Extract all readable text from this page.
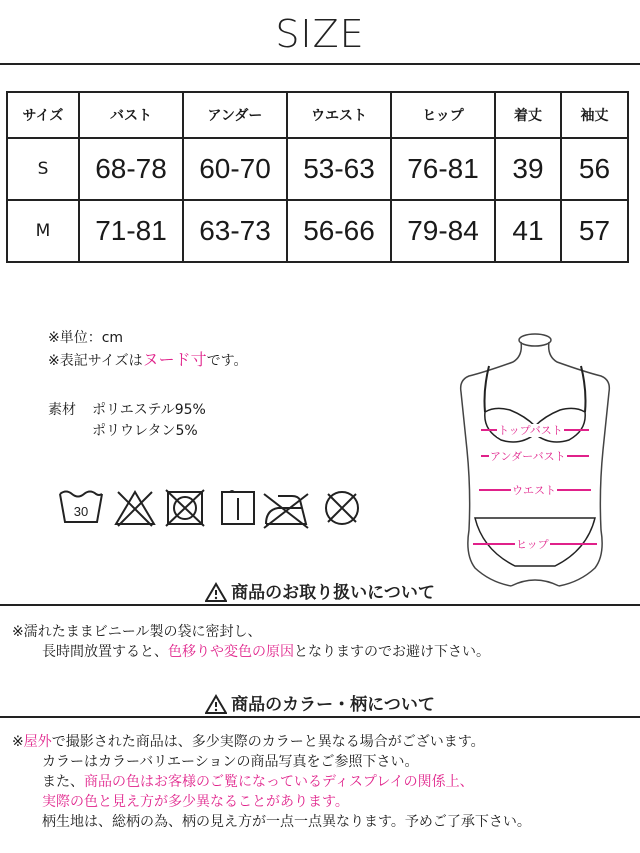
SIZE
サイズ	バスト	アンダー	ウエスト	ヒップ	着丈	袖丈
S	68-78	60-70	53-63	76-81	39	56
M	71-81	63-73	56-66	79-84	41	57
※単位：cm
※表記サイズはヌード寸です。
素材 ポリエステル95%
ポリウレタン5%
30
トップバスト
アンダーバスト
ウエスト
ヒップ
商品のお取り扱いについて
※濡れたままビニール製の袋に密封し、
長時間放置すると、色移りや変色の原因となりますのでお避け下さい。
商品のカラー・柄について
※屋外で撮影された商品は、多少実際のカラーと異なる場合がございます。
カラーはカラーバリエーションの商品写真をご参照下さい。
また、商品の色はお客様のご覧になっているディスプレイの関係上、
実際の色と見え方が多少異なることがあります。
柄生地は、総柄の為、柄の見え方が一点一点異なります。予めご了承下さい。
